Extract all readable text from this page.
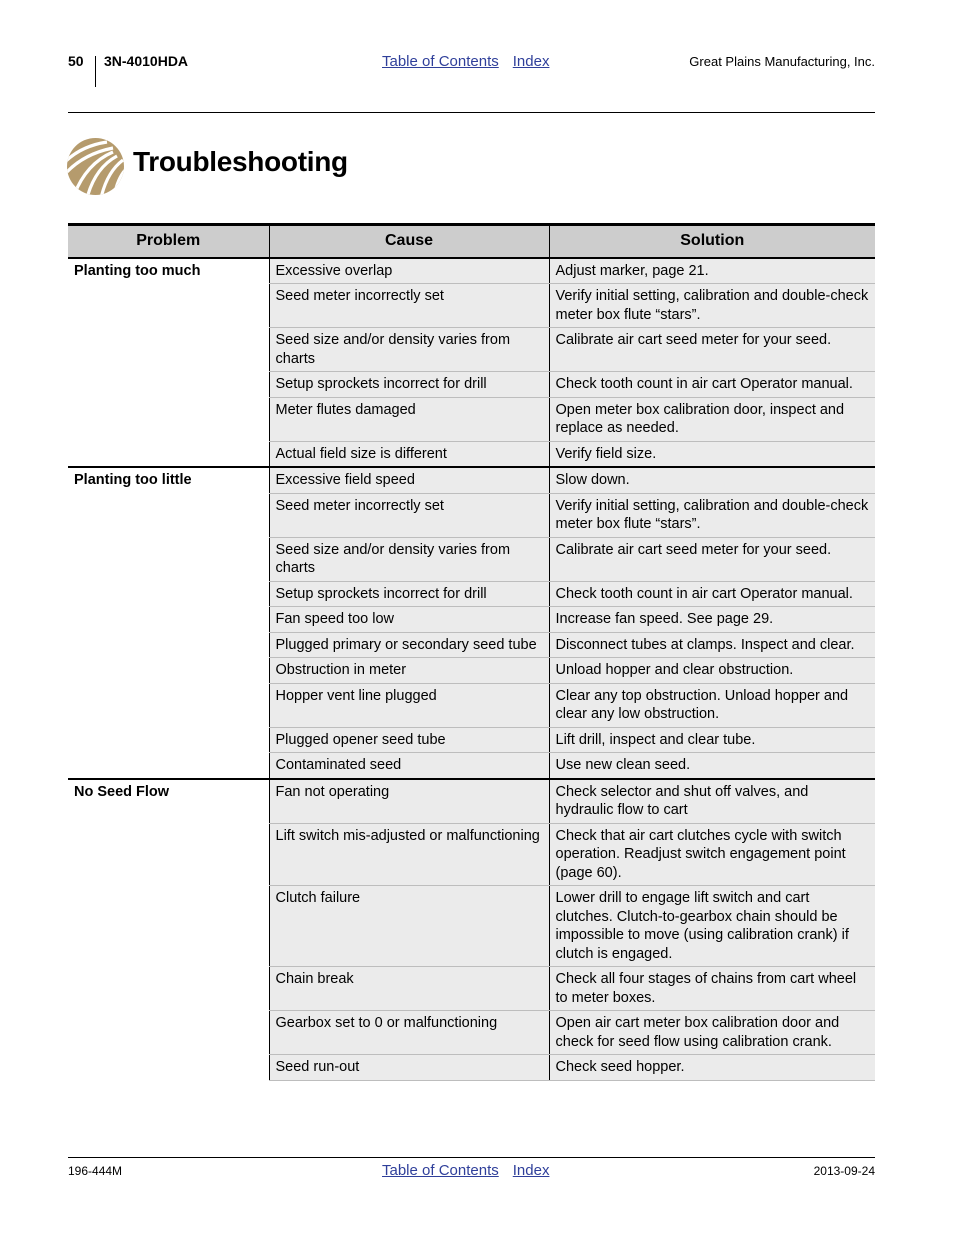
50 3N-4010HDA	Table of Contents Index	Great Plains Manufacturing, Inc.
Troubleshooting
Problem	Cause	Solution
Planting too much	Excessive overlap	Adjust marker, page 21.
	Seed meter incorrectly set	Verify initial setting, calibration and double-check meter box flute “stars”.
	Seed size and/or density varies from charts	Calibrate air cart seed meter for your seed.
	Setup sprockets incorrect for drill	Check tooth count in air cart Operator manual.
	Meter flutes damaged	Open meter box calibration door, inspect and replace as needed.
	Actual field size is different	Verify field size.
Planting too little	Excessive field speed	Slow down.
	Seed meter incorrectly set	Verify initial setting, calibration and double-check meter box flute “stars”.
	Seed size and/or density varies from charts	Calibrate air cart seed meter for your seed.
	Setup sprockets incorrect for drill	Check tooth count in air cart Operator manual.
	Fan speed too low	Increase fan speed. See page 29.
	Plugged primary or secondary seed tube	Disconnect tubes at clamps. Inspect and clear.
	Obstruction in meter	Unload hopper and clear obstruction.
	Hopper vent line plugged	Clear any top obstruction. Unload hopper and clear any low obstruction.
	Plugged opener seed tube	Lift drill, inspect and clear tube.
	Contaminated seed	Use new clean seed.
No Seed Flow	Fan not operating	Check selector and shut off valves, and hydraulic flow to cart
	Lift switch mis-adjusted or malfunctioning	Check that air cart clutches cycle with switch operation. Readjust switch engagement point (page 60).
	Clutch failure	Lower drill to engage lift switch and cart clutches. Clutch-to-gearbox chain should be impossible to move (using calibration crank) if clutch is engaged.
	Chain break	Check all four stages of chains from cart wheel to meter boxes.
	Gearbox set to 0 or malfunctioning	Open air cart meter box calibration door and check for seed flow using calibration crank.
	Seed run-out	Check seed hopper.
196-444M	Table of Contents Index	2013-09-24
